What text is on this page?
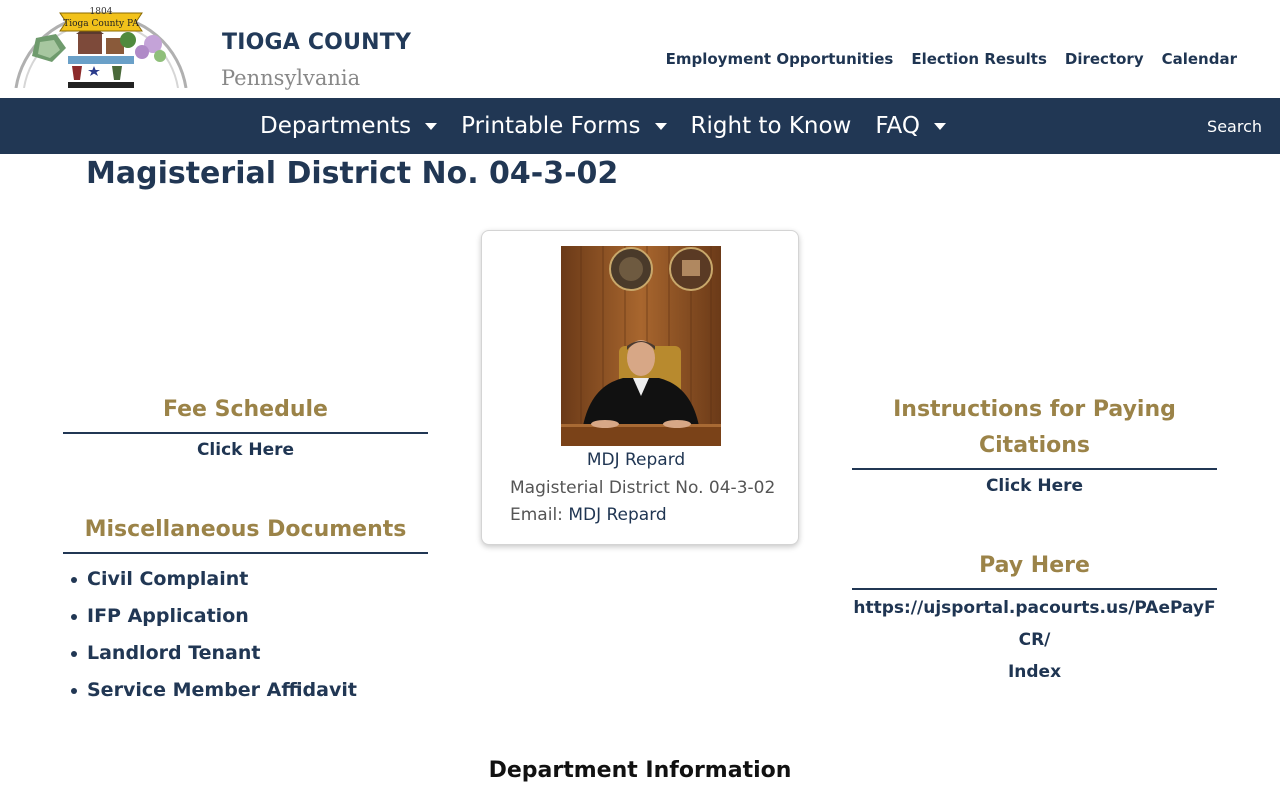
1804
Tioga County PA
TIOGA COUNTY
Pennsylvania
Employment Opportunities Election Results Directory Calendar
Departments Printable Forms Right to Know FAQ	Search
Magisterial District No. 04-3-02
Fee Schedule
Click Here
Miscellaneous Documents
Civil Complaint
IFP Application
Landlord Tenant
Service Member Affidavit
MDJ Repard
Magisterial District No. 04-3-02
Email: MDJ Repard
Instructions for Paying
Citations
Click Here
Pay Here
https://ujsportal.pacourts.us/PAePayFCR/
Index
Department Information
